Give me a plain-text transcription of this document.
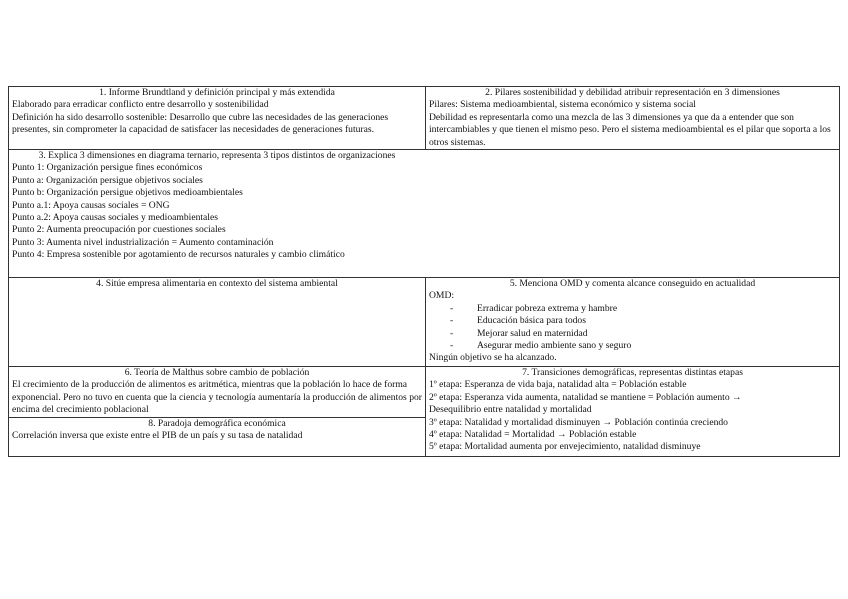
1. Informe Brundtland y definición principal y más extendida
Elaborado para erradicar conflicto entre desarrollo y sostenibilidad
Definición ha sido desarrollo sostenible: Desarrollo que cubre las necesidades de las generaciones presentes, sin comprometer la capacidad de satisfacer las necesidades de generaciones futuras.
2. Pilares sostenibilidad y debilidad atribuir representación en 3 dimensiones
Pilares: Sistema medioambiental, sistema económico y sistema social
Debilidad es representarla como una mezcla de las 3 dimensiones ya que da a entender que son intercambiables y que tienen el mismo peso. Pero el sistema medioambiental es el pilar que soporta a los otros sistemas.
3. Explica 3 dimensiones en diagrama ternario, representa 3 tipos distintos de organizaciones
Punto 1: Organización persigue fines económicos
Punto a: Organización persigue objetivos sociales
Punto b: Organización persigue objetivos medioambientales
Punto a.1: Apoya causas sociales = ONG
Punto a.2: Apoya causas sociales y medioambientales
Punto 2: Aumenta preocupación por cuestiones sociales
Punto 3: Aumenta nivel industrialización = Aumento contaminación
Punto 4: Empresa sostenible por agotamiento de recursos naturales y cambio climático
4. Sitúe empresa alimentaria en contexto del sistema ambiental	5. Menciona OMD y comenta alcance conseguido en actualidad
OMD:
- Erradicar pobreza extrema y hambre
- Educación básica para todos
- Mejorar salud en maternidad
- Asegurar medio ambiente sano y seguro
Ningún objetivo se ha alcanzado.
6. Teoría de Malthus sobre cambio de población
El crecimiento de la producción de alimentos es aritmética, mientras que la población lo hace de forma exponencial. Pero no tuvo en cuenta que la ciencia y tecnología aumentaría la producción de alimentos por encima del crecimiento poblacional
8. Paradoja demográfica económica
Correlación inversa que existe entre el PIB de un país y su tasa de natalidad
7. Transiciones demográficas, representas distintas etapas
1º etapa: Esperanza de vida baja, natalidad alta = Población estable
2º etapa: Esperanza vida aumenta, natalidad se mantiene = Población aumento →
Desequilibrio entre natalidad y mortalidad
3º etapa: Natalidad y mortalidad disminuyen → Población continúa creciendo
4º etapa: Natalidad = Mortalidad → Población estable
5º etapa: Mortalidad aumenta por envejecimiento, natalidad disminuye
